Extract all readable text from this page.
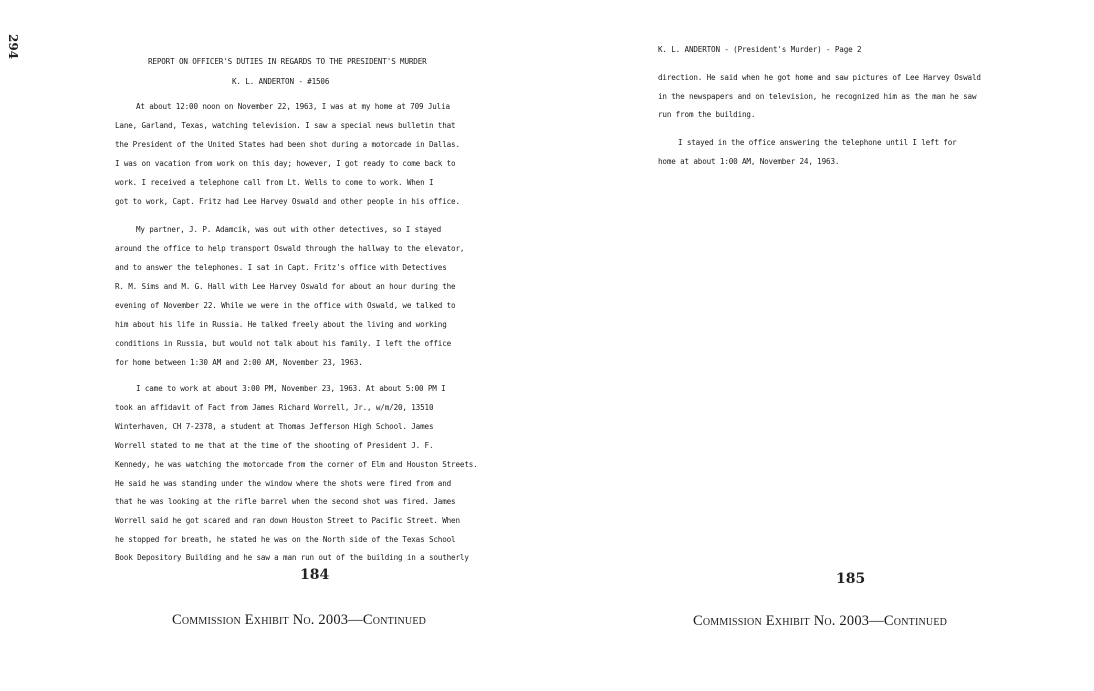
294
REPORT ON OFFICER'S DUTIES IN REGARDS TO THE PRESIDENT'S MURDER
K. L. ANDERTON - #1506
At about 12:00 noon on November 22, 1963, I was at my home at 709 Julia
Lane, Garland, Texas, watching television. I saw a special news bulletin that
the President of the United States had been shot during a motorcade in Dallas.
I was on vacation from work on this day; however, I got ready to come back to
work. I received a telephone call from Lt. Wells to come to work. When I
got to work, Capt. Fritz had Lee Harvey Oswald and other people in his office.
My partner, J. P. Adamcik, was out with other detectives, so I stayed
around the office to help transport Oswald through the hallway to the elevator,
and to answer the telephones. I sat in Capt. Fritz's office with Detectives
R. M. Sims and M. G. Hall with Lee Harvey Oswald for about an hour during the
evening of November 22. While we were in the office with Oswald, we talked to
him about his life in Russia. He talked freely about the living and working
conditions in Russia, but would not talk about his family. I left the office
for home between 1:30 AM and 2:00 AM, November 23, 1963.
I came to work at about 3:00 PM, November 23, 1963. At about 5:00 PM I
took an affidavit of Fact from James Richard Worrell, Jr., w/m/20, 13510
Winterhaven, CH 7-2378, a student at Thomas Jefferson High School. James
Worrell stated to me that at the time of the shooting of President J. F.
Kennedy, he was watching the motorcade from the corner of Elm and Houston Streets.
He said he was standing under the window where the shots were fired from and
that he was looking at the rifle barrel when the second shot was fired. James
Worrell said he got scared and ran down Houston Street to Pacific Street. When
he stopped for breath, he stated he was on the North side of the Texas School
Book Depository Building and he saw a man run out of the building in a southerly
184
Commission Exhibit No. 2003—Continued
K. L. ANDERTON - (President's Murder) - Page 2
direction. He said when he got home and saw pictures of Lee Harvey Oswald
in the newspapers and on television, he recognized him as the man he saw
run from the building.
I stayed in the office answering the telephone until I left for
home at about 1:00 AM, November 24, 1963.
185
Commission Exhibit No. 2003—Continued
